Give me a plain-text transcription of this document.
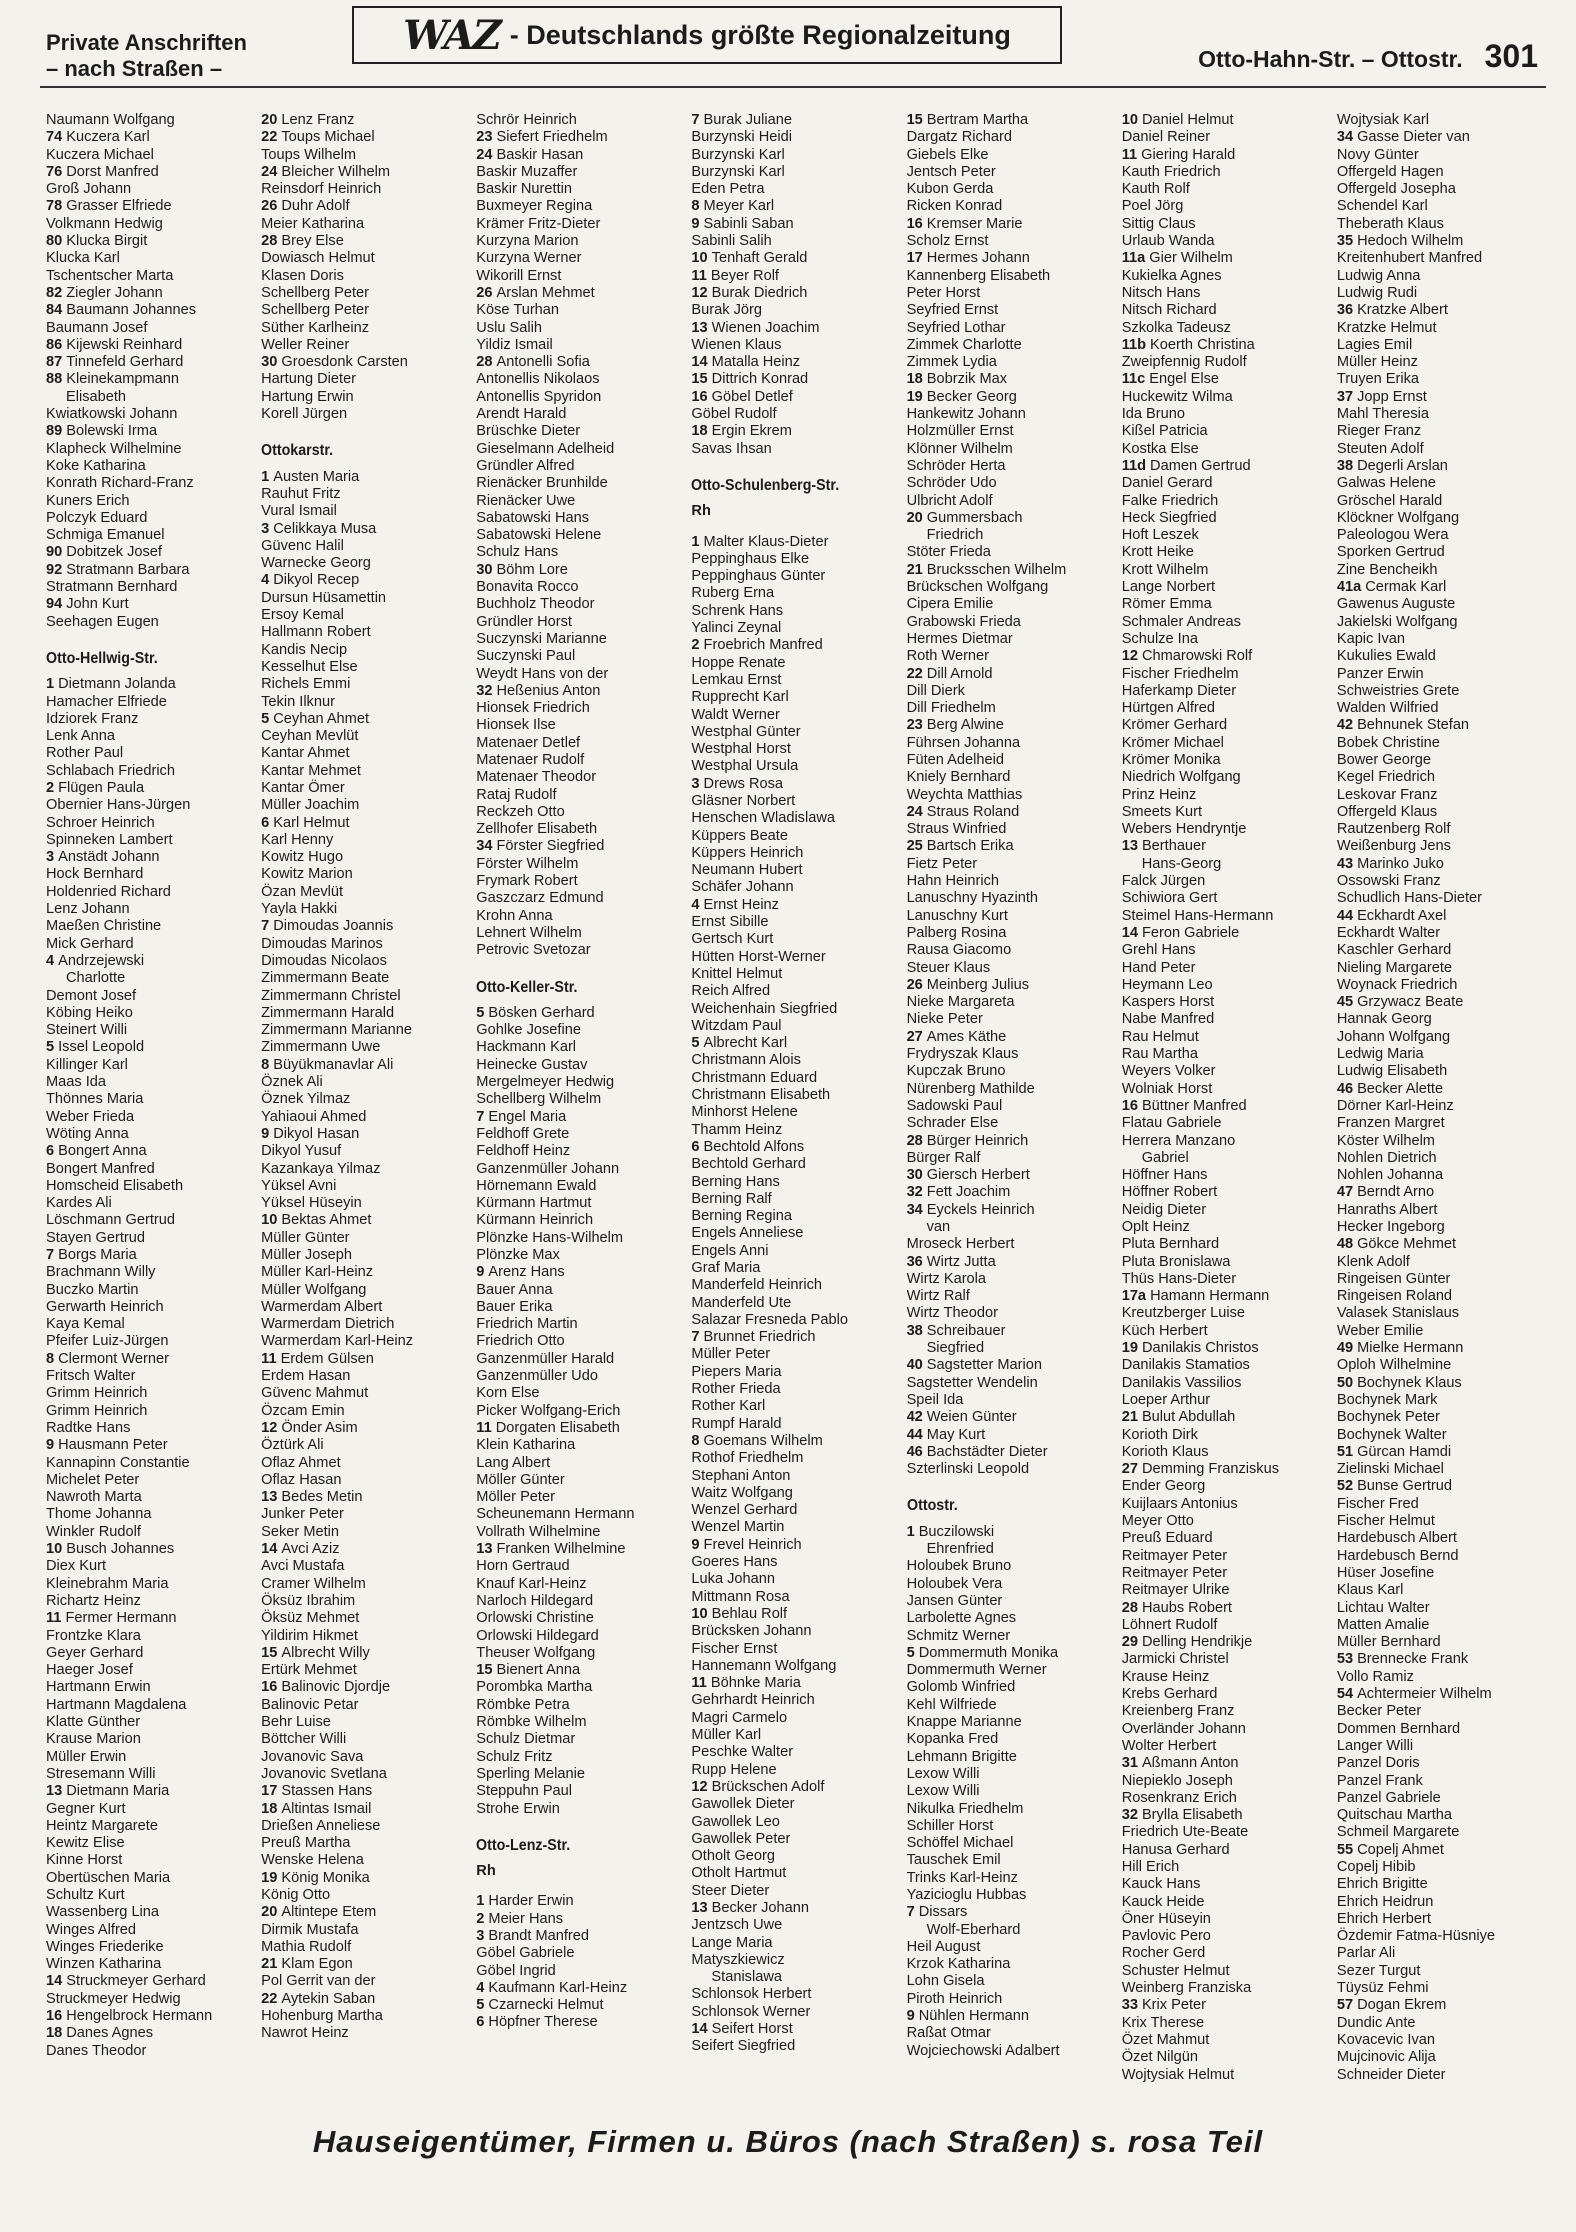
Private Anschriften
– nach Straßen –
WAZ - Deutschlands größte Regionalzeitung
Otto-Hahn-Str. – Ottostr. 301
Naumann Wolfgang
74 Kuczera Karl
Kuczera Michael
76 Dorst Manfred
Groß Johann
78 Grasser Elfriede
Volkmann Hedwig
80 Klucka Birgit
Klucka Karl
Tschentscher Marta
82 Ziegler Johann
84 Baumann Johannes
Baumann Josef
86 Kijewski Reinhard
87 Tinnefeld Gerhard
88 Kleinekampmann
Elisabeth
Kwiatkowski Johann
89 Bolewski Irma
Klapheck Wilhelmine
Koke Katharina
Konrath Richard-Franz
Kuners Erich
Polczyk Eduard
Schmiga Emanuel
90 Dobitzek Josef
92 Stratmann Barbara
Stratmann Bernhard
94 John Kurt
Seehagen Eugen
Otto-Hellwig-Str.
1 Dietmann Jolanda
Hamacher Elfriede
Idziorek Franz
Lenk Anna
Rother Paul
Schlabach Friedrich
2 Flügen Paula
Obernier Hans-Jürgen
Schroer Heinrich
Spinneken Lambert
3 Anstädt Johann
Hock Bernhard
Holdenried Richard
Lenz Johann
Maeßen Christine
Mick Gerhard
4 Andrzejewski
Charlotte
Demont Josef
Köbing Heiko
Steinert Willi
5 Issel Leopold
Killinger Karl
Maas Ida
Thönnes Maria
Weber Frieda
Wöting Anna
6 Bongert Anna
Bongert Manfred
Homscheid Elisabeth
Kardes Ali
Löschmann Gertrud
Stayen Gertrud
7 Borgs Maria
Brachmann Willy
Buczko Martin
Gerwarth Heinrich
Kaya Kemal
Pfeifer Luiz-Jürgen
8 Clermont Werner
Fritsch Walter
Grimm Heinrich
Grimm Heinrich
Radtke Hans
9 Hausmann Peter
Kannapinn Constantie
Michelet Peter
Nawroth Marta
Thome Johanna
Winkler Rudolf
10 Busch Johannes
Diex Kurt
Kleinebrahm Maria
Richartz Heinz
11 Fermer Hermann
Frontzke Klara
Geyer Gerhard
Haeger Josef
Hartmann Erwin
Hartmann Magdalena
Klatte Günther
Krause Marion
Müller Erwin
Stresemann Willi
13 Dietmann Maria
Gegner Kurt
Heintz Margarete
Kewitz Elise
Kinne Horst
Obertüschen Maria
Schultz Kurt
Wassenberg Lina
Winges Alfred
Winges Friederike
Winzen Katharina
14 Struckmeyer Gerhard
Struckmeyer Hedwig
16 Hengelbrock Hermann
18 Danes Agnes
Danes Theodor
20 Lenz Franz
22 Toups Michael
Toups Wilhelm
24 Bleicher Wilhelm
Reinsdorf Heinrich
26 Duhr Adolf
Meier Katharina
28 Brey Else
Dowiasch Helmut
Klasen Doris
Schellberg Peter
Schellberg Peter
Süther Karlheinz
Weller Reiner
30 Groesdonk Carsten
Hartung Dieter
Hartung Erwin
Korell Jürgen
Ottokarstr.
1 Austen Maria
Rauhut Fritz
Vural Ismail
3 Celikkaya Musa
Güvenc Halil
Warnecke Georg
4 Dikyol Recep
Dursun Hüsamettin
Ersoy Kemal
Hallmann Robert
Kandis Necip
Kesselhut Else
Richels Emmi
Tekin Ilknur
5 Ceyhan Ahmet
Ceyhan Mevlüt
Kantar Ahmet
Kantar Mehmet
Kantar Ömer
Müller Joachim
6 Karl Helmut
Karl Henny
Kowitz Hugo
Kowitz Marion
Özan Mevlüt
Yayla Hakki
7 Dimoudas Joannis
Dimoudas Marinos
Dimoudas Nicolaos
Zimmermann Beate
Zimmermann Christel
Zimmermann Harald
Zimmermann Marianne
Zimmermann Uwe
8 Büyükmanavlar Ali
Öznek Ali
Öznek Yilmaz
Yahiaoui Ahmed
9 Dikyol Hasan
Dikyol Yusuf
Kazankaya Yilmaz
Yüksel Avni
Yüksel Hüseyin
10 Bektas Ahmet
Müller Günter
Müller Joseph
Müller Karl-Heinz
Müller Wolfgang
Warmerdam Albert
Warmerdam Dietrich
Warmerdam Karl-Heinz
11 Erdem Gülsen
Erdem Hasan
Güvenc Mahmut
Özcam Emin
12 Önder Asim
Öztürk Ali
Oflaz Ahmet
Oflaz Hasan
13 Bedes Metin
Junker Peter
Seker Metin
14 Avci Aziz
Avci Mustafa
Cramer Wilhelm
Öksüz Ibrahim
Öksüz Mehmet
Yildirim Hikmet
15 Albrecht Willy
Ertürk Mehmet
16 Balinovic Djordje
Balinovic Petar
Behr Luise
Böttcher Willi
Jovanovic Sava
Jovanovic Svetlana
17 Stassen Hans
18 Altintas Ismail
Drießen Anneliese
Preuß Martha
Wenske Helena
19 König Monika
König Otto
20 Altintepe Etem
Dirmik Mustafa
Mathia Rudolf
21 Klam Egon
Pol Gerrit van der
22 Aytekin Saban
Hohenburg Martha
Nawrot Heinz
Schrör Heinrich
23 Siefert Friedhelm
24 Baskir Hasan
Baskir Muzaffer
Baskir Nurettin
Buxmeyer Regina
Krämer Fritz-Dieter
Kurzyna Marion
Kurzyna Werner
Wikorill Ernst
26 Arslan Mehmet
Köse Turhan
Uslu Salih
Yildiz Ismail
28 Antonelli Sofia
Antonellis Nikolaos
Antonellis Spyridon
Arendt Harald
Brüschke Dieter
Gieselmann Adelheid
Gründler Alfred
Rienäcker Brunhilde
Rienäcker Uwe
Sabatowski Hans
Sabatowski Helene
Schulz Hans
30 Böhm Lore
Bonavita Rocco
Buchholz Theodor
Gründler Horst
Suczynski Marianne
Suczynski Paul
Weydt Hans von der
32 Heßenius Anton
Hionsek Friedrich
Hionsek Ilse
Matenaer Detlef
Matenaer Rudolf
Matenaer Theodor
Rataj Rudolf
Reckzeh Otto
Zellhofer Elisabeth
34 Förster Siegfried
Förster Wilhelm
Frymark Robert
Gaszczarz Edmund
Krohn Anna
Lehnert Wilhelm
Petrovic Svetozar
Otto-Keller-Str.
5 Bösken Gerhard
Gohlke Josefine
Hackmann Karl
Heinecke Gustav
Mergelmeyer Hedwig
Schellberg Wilhelm
7 Engel Maria
Feldhoff Grete
Feldhoff Heinz
Ganzenmüller Johann
Hörnemann Ewald
Kürmann Hartmut
Kürmann Heinrich
Plönzke Hans-Wilhelm
Plönzke Max
9 Arenz Hans
Bauer Anna
Bauer Erika
Friedrich Martin
Friedrich Otto
Ganzenmüller Harald
Ganzenmüller Udo
Korn Else
Picker Wolfgang-Erich
11 Dorgaten Elisabeth
Klein Katharina
Lang Albert
Möller Günter
Möller Peter
Scheunemann Hermann
Vollrath Wilhelmine
13 Franken Wilhelmine
Horn Gertraud
Knauf Karl-Heinz
Narloch Hildegard
Orlowski Christine
Orlowski Hildegard
Theuser Wolfgang
15 Bienert Anna
Porombka Martha
Römbke Petra
Römbke Wilhelm
Schulz Dietmar
Schulz Fritz
Sperling Melanie
Steppuhn Paul
Strohe Erwin
Otto-Lenz-Str.
Rh
1 Harder Erwin
2 Meier Hans
3 Brandt Manfred
Göbel Gabriele
Göbel Ingrid
4 Kaufmann Karl-Heinz
5 Czarnecki Helmut
6 Höpfner Therese
7 Burak Juliane
Burzynski Heidi
Burzynski Karl
Burzynski Karl
Eden Petra
8 Meyer Karl
9 Sabinli Saban
Sabinli Salih
10 Tenhaft Gerald
11 Beyer Rolf
12 Burak Diedrich
Burak Jörg
13 Wienen Joachim
Wienen Klaus
14 Matalla Heinz
15 Dittrich Konrad
16 Göbel Detlef
Göbel Rudolf
18 Ergin Ekrem
Savas Ihsan
Otto-Schulenberg-Str.
Rh
1 Malter Klaus-Dieter
Peppinghaus Elke
Peppinghaus Günter
Ruberg Erna
Schrenk Hans
Yalinci Zeynal
2 Froebrich Manfred
Hoppe Renate
Lemkau Ernst
Rupprecht Karl
Waldt Werner
Westphal Günter
Westphal Horst
Westphal Ursula
3 Drews Rosa
Gläsner Norbert
Henschen Wladislawa
Küppers Beate
Küppers Heinrich
Neumann Hubert
Schäfer Johann
4 Ernst Heinz
Ernst Sibille
Gertsch Kurt
Hütten Horst-Werner
Knittel Helmut
Reich Alfred
Weichenhain Siegfried
Witzdam Paul
5 Albrecht Karl
Christmann Alois
Christmann Eduard
Christmann Elisabeth
Minhorst Helene
Thamm Heinz
6 Bechtold Alfons
Bechtold Gerhard
Berning Hans
Berning Ralf
Berning Regina
Engels Anneliese
Engels Anni
Graf Maria
Manderfeld Heinrich
Manderfeld Ute
Salazar Fresneda Pablo
7 Brunnet Friedrich
Müller Peter
Piepers Maria
Rother Frieda
Rother Karl
Rumpf Harald
8 Goemans Wilhelm
Rothof Friedhelm
Stephani Anton
Waitz Wolfgang
Wenzel Gerhard
Wenzel Martin
9 Frevel Heinrich
Goeres Hans
Luka Johann
Mittmann Rosa
10 Behlau Rolf
Brücksken Johann
Fischer Ernst
Hannemann Wolfgang
11 Böhnke Maria
Gehrhardt Heinrich
Magri Carmelo
Müller Karl
Peschke Walter
Rupp Helene
12 Brückschen Adolf
Gawollek Dieter
Gawollek Leo
Gawollek Peter
Otholt Georg
Otholt Hartmut
Steer Dieter
13 Becker Johann
Jentzsch Uwe
Lange Maria
Matyszkiewicz
Stanislawa
Schlonsok Herbert
Schlonsok Werner
14 Seifert Horst
Seifert Siegfried
15 Bertram Martha
Dargatz Richard
Giebels Elke
Jentsch Peter
Kubon Gerda
Ricken Konrad
16 Kremser Marie
Scholz Ernst
17 Hermes Johann
Kannenberg Elisabeth
Peter Horst
Seyfried Ernst
Seyfried Lothar
Zimmek Charlotte
Zimmek Lydia
18 Bobrzik Max
19 Becker Georg
Hankewitz Johann
Holzmüller Ernst
Klönner Wilhelm
Schröder Herta
Schröder Udo
Ulbricht Adolf
20 Gummersbach
Friedrich
Stöter Frieda
21 Brucksschen Wilhelm
Brückschen Wolfgang
Cipera Emilie
Grabowski Frieda
Hermes Dietmar
Roth Werner
22 Dill Arnold
Dill Dierk
Dill Friedhelm
23 Berg Alwine
Führsen Johanna
Füten Adelheid
Kniely Bernhard
Weychta Matthias
24 Straus Roland
Straus Winfried
25 Bartsch Erika
Fietz Peter
Hahn Heinrich
Lanuschny Hyazinth
Lanuschny Kurt
Palberg Rosina
Rausa Giacomo
Steuer Klaus
26 Meinberg Julius
Nieke Margareta
Nieke Peter
27 Ames Käthe
Frydryszak Klaus
Kupczak Bruno
Nürenberg Mathilde
Sadowski Paul
Schrader Else
28 Bürger Heinrich
Bürger Ralf
30 Giersch Herbert
32 Fett Joachim
34 Eyckels Heinrich
van
Mroseck Herbert
36 Wirtz Jutta
Wirtz Karola
Wirtz Ralf
Wirtz Theodor
38 Schreibauer
Siegfried
40 Sagstetter Marion
Sagstetter Wendelin
Speil Ida
42 Weien Günter
44 May Kurt
46 Bachstädter Dieter
Szterlinski Leopold
Ottostr.
1 Buczilowski
Ehrenfried
Holoubek Bruno
Holoubek Vera
Jansen Günter
Larbolette Agnes
Schmitz Werner
5 Dommermuth Monika
Dommermuth Werner
Golomb Winfried
Kehl Wilfriede
Knappe Marianne
Kopanka Fred
Lehmann Brigitte
Lexow Willi
Lexow Willi
Nikulka Friedhelm
Schiller Horst
Schöffel Michael
Tauschek Emil
Trinks Karl-Heinz
Yazicioglu Hubbas
7 Dissars
Wolf-Eberhard
Heil August
Krzok Katharina
Lohn Gisela
Piroth Heinrich
9 Nühlen Hermann
Raßat Otmar
Wojciechowski Adalbert
10 Daniel Helmut
Daniel Reiner
11 Giering Harald
Kauth Friedrich
Kauth Rolf
Poel Jörg
Sittig Claus
Urlaub Wanda
11a Gier Wilhelm
Kukielka Agnes
Nitsch Hans
Nitsch Richard
Szkolka Tadeusz
11b Koerth Christina
Zweipfennig Rudolf
11c Engel Else
Huckewitz Wilma
Ida Bruno
Kißel Patricia
Kostka Else
11d Damen Gertrud
Daniel Gerard
Falke Friedrich
Heck Siegfried
Hoft Leszek
Krott Heike
Krott Wilhelm
Lange Norbert
Römer Emma
Schmaler Andreas
Schulze Ina
12 Chmarowski Rolf
Fischer Friedhelm
Haferkamp Dieter
Hürtgen Alfred
Krömer Gerhard
Krömer Michael
Krömer Monika
Niedrich Wolfgang
Prinz Heinz
Smeets Kurt
Webers Hendryntje
13 Berthauer
Hans-Georg
Falck Jürgen
Schiwiora Gert
Steimel Hans-Hermann
14 Feron Gabriele
Grehl Hans
Hand Peter
Heymann Leo
Kaspers Horst
Nabe Manfred
Rau Helmut
Rau Martha
Weyers Volker
Wolniak Horst
16 Büttner Manfred
Flatau Gabriele
Herrera Manzano
Gabriel
Höffner Hans
Höffner Robert
Neidig Dieter
Oplt Heinz
Pluta Bernhard
Pluta Bronislawa
Thüs Hans-Dieter
17a Hamann Hermann
Kreutzberger Luise
Küch Herbert
19 Danilakis Christos
Danilakis Stamatios
Danilakis Vassilios
Loeper Arthur
21 Bulut Abdullah
Korioth Dirk
Korioth Klaus
27 Demming Franziskus
Ender Georg
Kuijlaars Antonius
Meyer Otto
Preuß Eduard
Reitmayer Peter
Reitmayer Peter
Reitmayer Ulrike
28 Haubs Robert
Löhnert Rudolf
29 Delling Hendrikje
Jarmicki Christel
Krause Heinz
Krebs Gerhard
Kreienberg Franz
Overländer Johann
Wolter Herbert
31 Aßmann Anton
Niepieklo Joseph
Rosenkranz Erich
32 Brylla Elisabeth
Friedrich Ute-Beate
Hanusa Gerhard
Hill Erich
Kauck Hans
Kauck Heide
Öner Hüseyin
Pavlovic Pero
Rocher Gerd
Schuster Helmut
Weinberg Franziska
33 Krix Peter
Krix Therese
Özet Mahmut
Özet Nilgün
Wojtysiak Helmut
Wojtysiak Karl
34 Gasse Dieter van
Novy Günter
Offergeld Hagen
Offergeld Josepha
Schendel Karl
Theberath Klaus
35 Hedoch Wilhelm
Kreitenhubert Manfred
Ludwig Anna
Ludwig Rudi
36 Kratzke Albert
Kratzke Helmut
Lagies Emil
Müller Heinz
Truyen Erika
37 Jopp Ernst
Mahl Theresia
Rieger Franz
Steuten Adolf
38 Degerli Arslan
Galwas Helene
Gröschel Harald
Klöckner Wolfgang
Paleologou Wera
Sporken Gertrud
Zine Bencheikh
41a Cermak Karl
Gawenus Auguste
Jakielski Wolfgang
Kapic Ivan
Kukulies Ewald
Panzer Erwin
Schweistries Grete
Walden Wilfried
42 Behnunek Stefan
Bobek Christine
Bower George
Kegel Friedrich
Leskovar Franz
Offergeld Klaus
Rautzenberg Rolf
Weißenburg Jens
43 Marinko Juko
Ossowski Franz
Schudlich Hans-Dieter
44 Eckhardt Axel
Eckhardt Walter
Kaschler Gerhard
Nieling Margarete
Woynack Friedrich
45 Grzywacz Beate
Hannak Georg
Johann Wolfgang
Ledwig Maria
Ludwig Elisabeth
46 Becker Alette
Dörner Karl-Heinz
Franzen Margret
Köster Wilhelm
Nohlen Dietrich
Nohlen Johanna
47 Berndt Arno
Hanraths Albert
Hecker Ingeborg
48 Gökce Mehmet
Klenk Adolf
Ringeisen Günter
Ringeisen Roland
Valasek Stanislaus
Weber Emilie
49 Mielke Hermann
Oploh Wilhelmine
50 Bochynek Klaus
Bochynek Mark
Bochynek Peter
Bochynek Walter
51 Gürcan Hamdi
Zielinski Michael
52 Bunse Gertrud
Fischer Fred
Fischer Helmut
Hardebusch Albert
Hardebusch Bernd
Hüser Josefine
Klaus Karl
Lichtau Walter
Matten Amalie
Müller Bernhard
53 Brennecke Frank
Vollo Ramiz
54 Achtermeier Wilhelm
Becker Peter
Dommen Bernhard
Langer Willi
Panzel Doris
Panzel Frank
Panzel Gabriele
Quitschau Martha
Schmeil Margarete
55 Copelj Ahmet
Copelj Hibib
Ehrich Brigitte
Ehrich Heidrun
Ehrich Herbert
Özdemir Fatma-Hüsniye
Parlar Ali
Sezer Turgut
Tüysüz Fehmi
57 Dogan Ekrem
Dundic Ante
Kovacevic Ivan
Mujcinovic Alija
Schneider Dieter
Hauseigentümer, Firmen u. Büros (nach Straßen) s. rosa Teil
